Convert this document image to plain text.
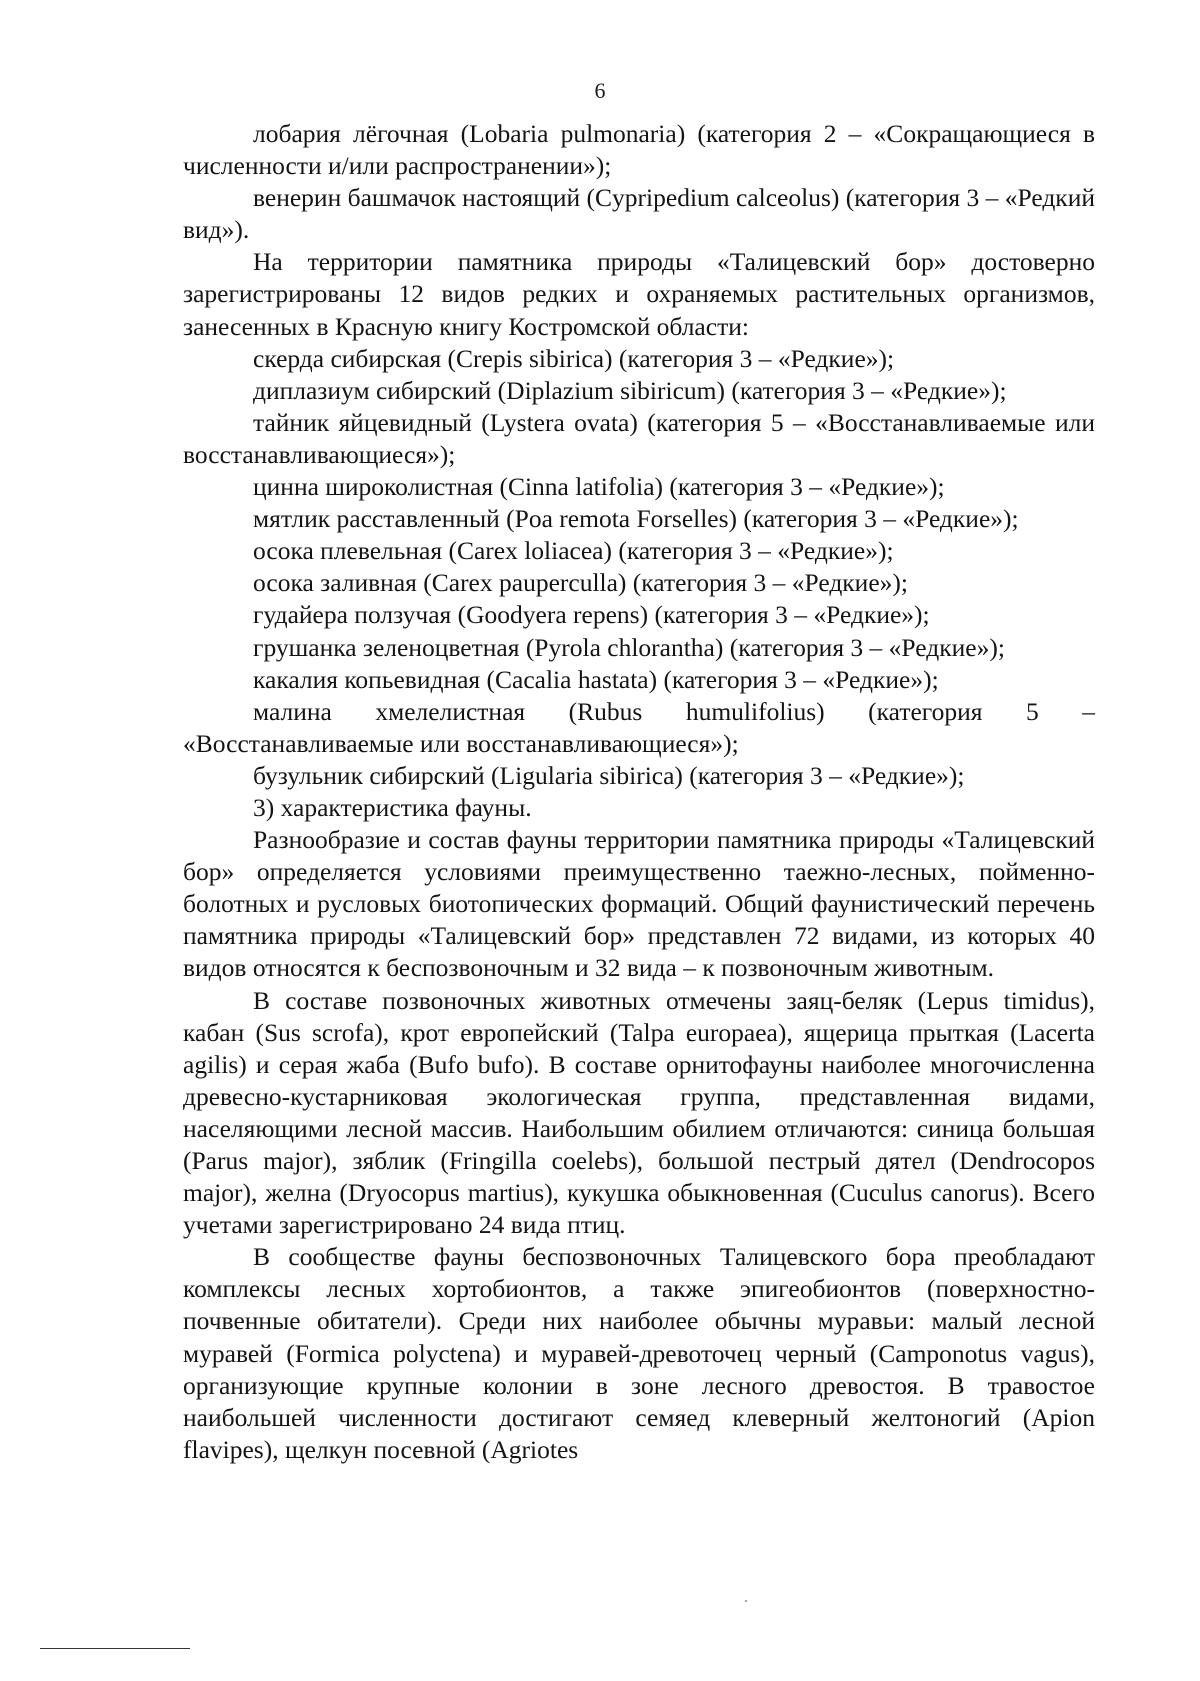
6

лобария лёгочная (Lobaria pulmonaria) (категория 2 – «Сокращающиеся в численности и/или распространении»);

венерин башмачок настоящий (Cypripedium calceolus) (категория 3 – «Редкий вид»).

На территории памятника природы «Талицевский бор» достоверно зарегистрированы 12 видов редких и охраняемых растительных организмов, занесенных в Красную книгу Костромской области:

скерда сибирская (Crepis sibirica) (категория 3 – «Редкие»);

диплазиум сибирский (Diplazium sibiricum) (категория 3 – «Редкие»);

тайник яйцевидный (Lystera ovata) (категория 5 – «Восстанавливаемые или восстанавливающиеся»);

цинна широколистная (Cinna latifolia) (категория 3 – «Редкие»);

мятлик расставленный (Poa remota Forselles) (категория 3 – «Редкие»);

осока плевельная (Carex loliacea) (категория 3 – «Редкие»);

осока заливная (Carex pauperculla) (категория 3 – «Редкие»);

гудайера ползучая (Goodyera repens) (категория 3 – «Редкие»);

грушанка зеленоцветная (Pyrola chlorantha) (категория 3 – «Редкие»);

какалия копьевидная (Cacalia hastata) (категория 3 – «Редкие»);

малина хмелелистная (Rubus humulifolius) (категория 5 – «Восстанавливаемые или восстанавливающиеся»);

бузульник сибирский (Ligularia sibirica) (категория 3 – «Редкие»);

3) характеристика фауны.

Разнообразие и состав фауны территории памятника природы «Талицевский бор» определяется условиями преимущественно таежно-лесных, пойменно-болотных и русловых биотопических формаций. Общий фаунистический перечень памятника природы «Талицевский бор» представлен 72 видами, из которых 40 видов относятся к беспозвоночным и 32 вида – к позвоночным животным.

В составе позвоночных животных отмечены заяц-беляк (Lepus timidus), кабан (Sus scrofa), крот европейский (Talpa europaea), ящерица прыткая (Lacerta agilis) и серая жаба (Bufo bufo). В составе орнитофауны наиболее многочисленна древесно-кустарниковая экологическая группа, представленная видами, населяющими лесной массив. Наибольшим обилием отличаются: синица большая (Parus major), зяблик (Fringilla coelebs), большой пестрый дятел (Dendrocopos major), желна (Dryocopus martius), кукушка обыкновенная (Cuculus canorus). Всего учетами зарегистрировано 24 вида птиц.

В сообществе фауны беспозвоночных Талицевского бора преобладают комплексы лесных хортобионтов, а также эпигеобионтов (поверхностно-почвенные обитатели). Среди них наиболее обычны муравьи: малый лесной муравей (Formica polyctena) и муравей-древоточец черный (Camponotus vagus), организующие крупные колонии в зоне лесного древостоя. В травостое наибольшей численности достигают семяед клеверный желтоногий (Apion flavipes), щелкун посевной (Agriotes
